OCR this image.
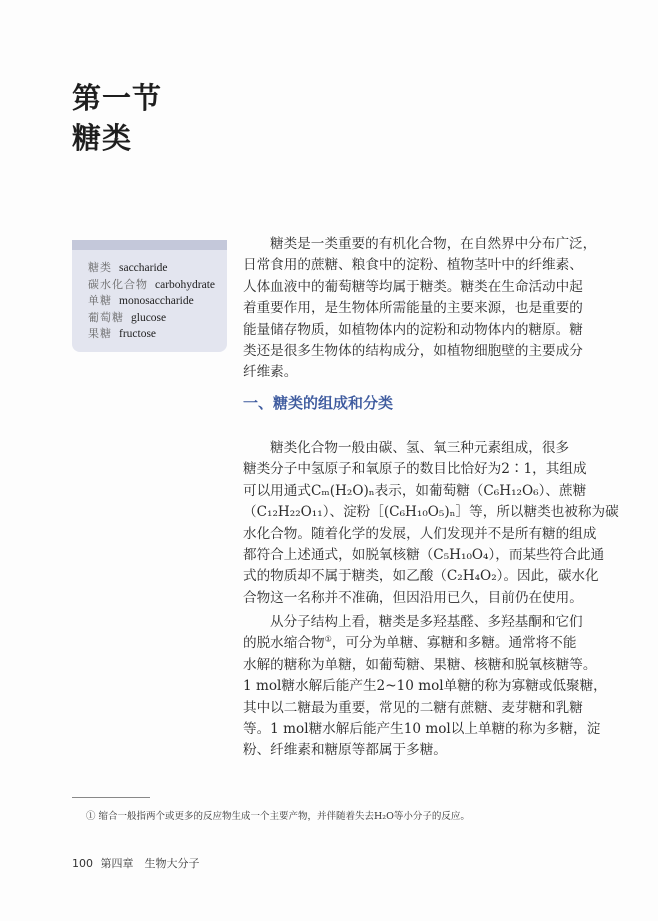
第一节
糖类
糖类 saccharide
碳水化合物 carbohydrate
单糖 monosaccharide
葡萄糖 glucose
果糖 fructose
糖类是一类重要的有机化合物，在自然界中分布广泛，
日常食用的蔗糖、粮食中的淀粉、植物茎叶中的纤维素、
人体血液中的葡萄糖等均属于糖类。糖类在生命活动中起
着重要作用，是生物体所需能量的主要来源，也是重要的
能量储存物质，如植物体内的淀粉和动物体内的糖原。糖
类还是很多生物体的结构成分，如植物细胞壁的主要成分
纤维素。
一、糖类的组成和分类
糖类化合物一般由碳、氢、氧三种元素组成，很多
糖类分子中氢原子和氧原子的数目比恰好为2∶1，其组成
可以用通式Cₘ(H₂O)ₙ表示，如葡萄糖（C₆H₁₂O₆）、蔗糖
（C₁₂H₂₂O₁₁）、淀粉［(C₆H₁₀O₅)ₙ］等，所以糖类也被称为碳
水化合物。随着化学的发展，人们发现并不是所有糖的组成
都符合上述通式，如脱氧核糖（C₅H₁₀O₄），而某些符合此通
式的物质却不属于糖类，如乙酸（C₂H₄O₂）。因此，碳水化
合物这一名称并不准确，但因沿用已久，目前仍在使用。
从分子结构上看，糖类是多羟基醛、多羟基酮和它们
的脱水缩合物①，可分为单糖、寡糖和多糖。通常将不能
水解的糖称为单糖，如葡萄糖、果糖、核糖和脱氧核糖等。
1 mol糖水解后能产生2~10 mol单糖的称为寡糖或低聚糖，
其中以二糖最为重要，常见的二糖有蔗糖、麦芽糖和乳糖
等。1 mol糖水解后能产生10 mol以上单糖的称为多糖，淀
粉、纤维素和糖原等都属于多糖。
① 缩合一般指两个或更多的反应物生成一个主要产物，并伴随着失去H₂O等小分子的反应。
100 第四章　生物大分子
